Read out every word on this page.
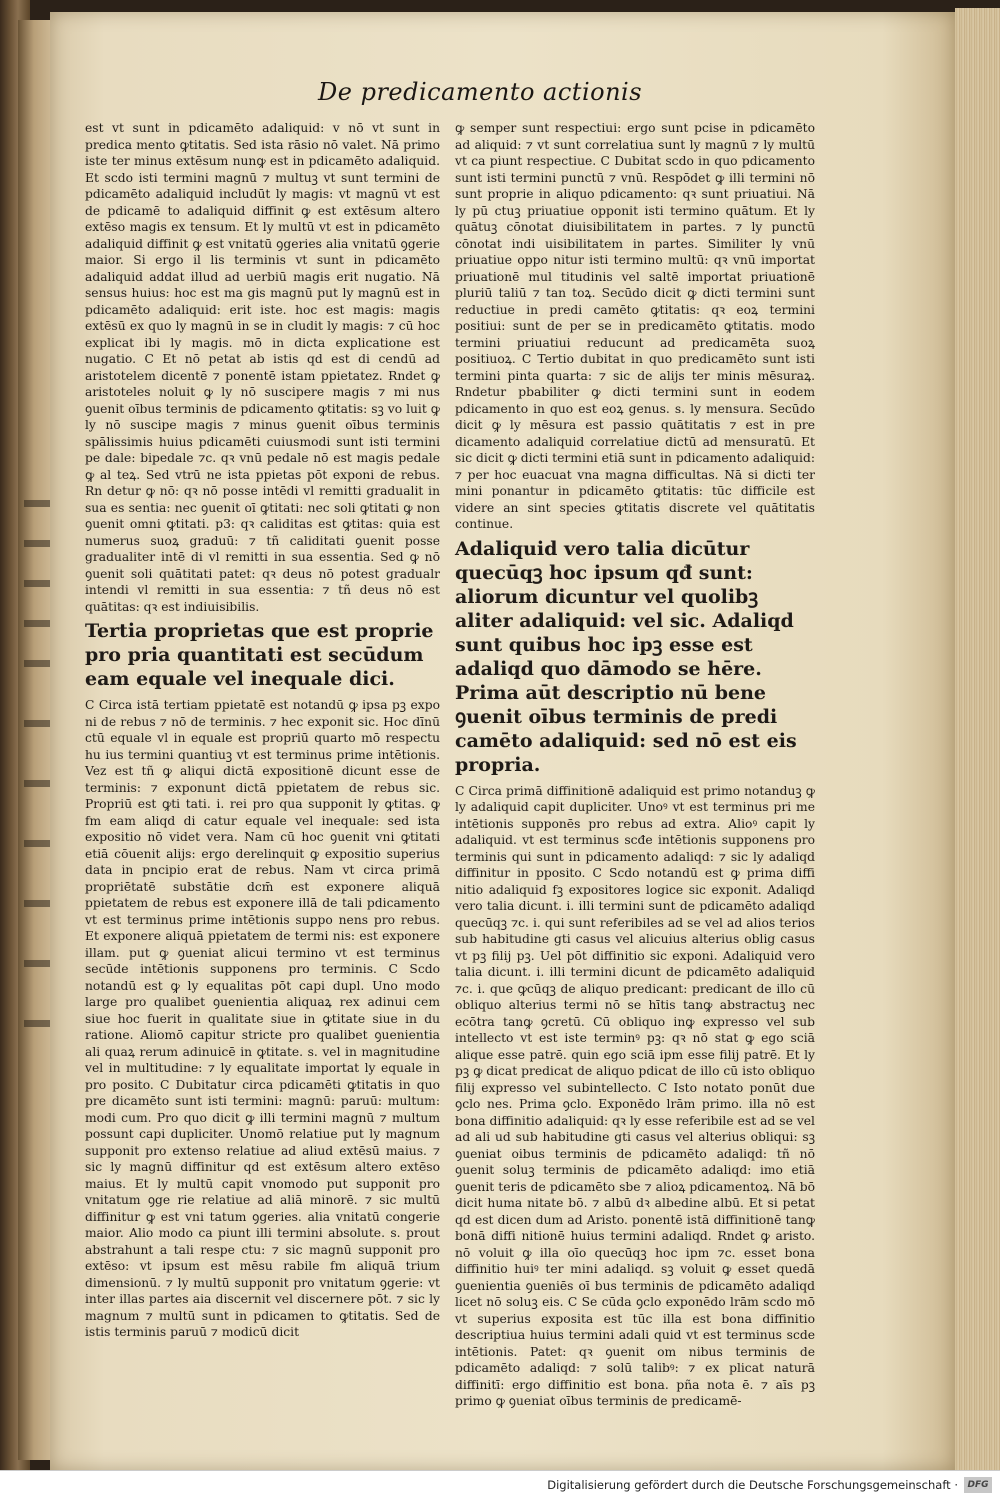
De predicamento actionis

est vt sunt in pdicamēto adaliquid: v nō vt sunt in predica mento ꝙtitatis. Sed ista rāsio nō valet. Nā primo iste ter minus extēsum nunꝙ est in pdicamēto adaliquid. Et scdo isti termini magnū ⁊ multuꝫ vt sunt termini de pdicamēto adaliquid includūt ly magis: vt magnū vt est de pdicamē to adaliquid diffinit ꝙ est extēsum altero extēso magis ex tensum. Et ly multū vt est in pdicamēto adaliquid diffinit ꝙ est vnitatū ꝯgeries alia vnitatū ꝯgerie maior. Si ergo il lis terminis vt sunt in pdicamēto adaliquid addat illud ad uerbiū magis erit nugatio. Nā sensus huius: hoc est ma gis magnū put ly magnū est in pdicamēto adaliquid: erit iste. hoc est magis: magis extēsū ex quo ly magnū in se in cludit ly magis: ⁊ cū hoc explicat ibi ly magis. mō in dicta explicatione est nugatio. C Et nō petat ab istis qd est di cendū ad aristotelem dicentē ⁊ ponentē istam ppietatez. Rndet ꝙ aristoteles noluit ꝙ ly nō suscipere magis ⁊ mi nus ꝯuenit oībus terminis de pdicamento ꝙtitatis: sꝫ vo luit ꝙ ly nō suscipe magis ⁊ minus ꝯuenit oībus terminis spālissimis huius pdicamēti cuiusmodi sunt isti termini pe dale: bipedale ⁊c. qꝛ vnū pedale nō est magis pedale ꝙ al teꝝ. Sed vtrū ne ista ppietas pōt exponi de rebus. Rn detur ꝙ nō: qꝛ nō posse intēdi vl remitti gradualit in sua es sentia: nec ꝯuenit oī ꝙtitati: nec soli ꝙtitati ꝙ non ꝯuenit omni ꝙtitati. p3: qꝛ caliditas est ꝙtitas: quia est numerus suoꝝ graduū: ⁊ tñ caliditati ꝯuenit posse gradualiter intē di vl remitti in sua essentia. Sed ꝙ nō ꝯuenit soli quātitati patet: qꝛ deus nō potest gradualr intendi vl remitti in sua essentia: ⁊ tñ deus nō est quātitas: qꝛ est indiuisibilis.

Tertia proprietas que est proprie pro pria quantitati est secūdum eam equale vel inequale dici.

C Circa istā tertiam ppietatē est notandū ꝙ ipsa pꝫ expo ni de rebus ⁊ nō de terminis. ⁊ hec exponit sic. Hoc dīnū ctū equale vl in equale est propriū quarto mō respectu hu ius termini quantiuꝫ vt est terminus prime intētionis. Vez est tñ ꝙ aliqui dictā expositionē dicunt esse de terminis: ⁊ exponunt dictā ppietatem de rebus sic. Propriū est ꝙti tati. i. rei pro qua supponit ly ꝙtitas. ꝙ fm eam aliqd di catur equale vel inequale: sed ista expositio nō videt vera. Nam cū hoc ꝯuenit vni ꝙtitati etiā cōuenit alijs: ergo derelinquit ꝙ expositio superius data in pncipio erat de rebus. Nam vt circa primā propriētatē substātie dcm̄ est exponere aliquā ppietatem de rebus est exponere illā de tali pdicamento vt est terminus prime intētionis suppo nens pro rebus. Et exponere aliquā ppietatem de termi nis: est exponere illam. put ꝙ ꝯueniat alicui termino vt est terminus secūde intētionis supponens pro terminis. C Scdo notandū est ꝙ ly equalitas pōt capi dupl. Uno modo large pro qualibet ꝯuenientia aliquaꝝ rex adinui cem siue hoc fuerit in qualitate siue in ꝙtitate siue in du ratione. Aliomō capitur stricte pro qualibet ꝯuenientia ali quaꝝ rerum adinuicē in ꝙtitate. s. vel in magnitudine vel in multitudine: ⁊ ly equalitate importat ly equale in pro posito. C Dubitatur circa pdicamēti ꝙtitatis in quo pre dicamēto sunt isti termini: magnū: paruū: multum: modi cum. Pro quo dicit ꝙ illi termini magnū ⁊ multum possunt capi dupliciter. Unomō relatiue put ly magnum supponit pro extenso relatiue ad aliud extēsū maius. ⁊ sic ly magnū diffinitur qd est extēsum altero extēso maius. Et ly multū capit vnomodo put supponit pro vnitatum ꝯge rie relatiue ad aliā minorē. ⁊ sic multū diffinitur ꝙ est vni tatum ꝯgeries. alia vnitatū congerie maior. Alio modo ca piunt illi termini absolute. s. prout abstrahunt a tali respe ctu: ⁊ sic magnū supponit pro extēso: vt ipsum est mēsu rabile fm aliquā trium dimensionū. ⁊ ly multū supponit pro vnitatum ꝯgerie: vt inter illas partes aia discernit vel discernere pōt. ⁊ sic ly magnum ⁊ multū sunt in pdicamen to ꝙtitatis. Sed de istis terminis paruū ⁊ modicū dicit

ꝙ semper sunt respectiui: ergo sunt pcise in pdicamēto ad aliquid: ⁊ vt sunt correlatiua sunt ly magnū ⁊ ly multū vt ca piunt respectiue. C Dubitat scdo in quo pdicamento sunt isti termini punctū ⁊ vnū. Respōdet ꝙ illi termini nō sunt proprie in aliquo pdicamento: qꝛ sunt priuatiui. Nā ly pū ctuꝫ priuatiue opponit isti termino quātum. Et ly quātuꝫ cōnotat diuisibilitatem in partes. ⁊ ly punctū cōnotat indi uisibilitatem in partes. Similiter ly vnū priuatiue oppo nitur isti termino multū: qꝛ vnū importat priuationē mul titudinis vel saltē importat priuationē pluriū taliū ⁊ tan toꝝ. Secūdo dicit ꝙ dicti termini sunt reductiue in predi camēto ꝙtitatis: qꝛ eoꝝ termini positiui: sunt de per se in predicamēto ꝙtitatis. modo termini priuatiui reducunt ad predicamēta suoꝝ positiuoꝝ. C Tertio dubitat in quo predicamēto sunt isti termini pinta quarta: ⁊ sic de alijs ter minis mēsuraꝝ. Rndetur pbabiliter ꝙ dicti termini sunt in eodem pdicamento in quo est eoꝝ genus. s. ly mensura. Secūdo dicit ꝙ ly mēsura est passio quātitatis ⁊ est in pre dicamento adaliquid correlatiue dictū ad mensuratū. Et sic dicit ꝙ dicti termini etiā sunt in pdicamento adaliquid: ⁊ per hoc euacuat vna magna difficultas. Nā si dicti ter mini ponantur in pdicamēto ꝙtitatis: tūc difficile est videre an sint species ꝙtitatis discrete vel quātitatis continue.

Adaliquid vero talia dicūtur quecūqꝫ hoc ipsum qđ sunt: aliorum dicuntur vel quolibꝫ aliter adaliquid: vel sic. Adaliqd sunt quibus hoc ipꝫ esse est adaliqd quo dāmodo se hēre. Prima aūt descriptio nū bene ꝯuenit oībus terminis de predi camēto adaliquid: sed nō est eis propria.

C Circa primā diffinitionē adaliquid est primo notanduꝫ ꝙ ly adaliquid capit dupliciter. Unoꝰ vt est terminus pri me intētionis supponēs pro rebus ad extra. Alioꝰ capit ly adaliquid. vt est terminus scđe intētionis supponens pro terminis qui sunt in pdicamento adaliqd: ⁊ sic ly adaliqd diffinitur in pposito. C Scdo notandū est ꝙ prima diffi nitio adaliquid fꝫ expositores logice sic exponit. Adaliqd vero talia dicunt. i. illi termini sunt de pdicamēto adaliqd quecūqꝫ ⁊c. i. qui sunt referibiles ad se vel ad alios terios sub habitudine gti casus vel alicuius alterius oblig casus vt pꝫ filij pꝫ. Uel pōt diffinitio sic exponi. Adaliquid vero talia dicunt. i. illi termini dicunt de pdicamēto adaliquid ⁊c. i. que ꝙcūqꝫ de aliquo predicant: predicant de illo cū obliquo alterius termi nō se hītis tanꝙ abstractuꝫ nec ecōtra tanꝙ ꝯcretū. Cū obliquo inꝙ expresso vel sub intellecto vt est iste terminꝰ pꝫ: qꝛ nō stat ꝙ ego sciā alique esse patrē. quin ego sciā ipm esse filij patrē. Et ly pꝫ ꝙ dicat predicat de aliquo pdicat de illo cū isto obliquo filij expresso vel subintellecto. C Isto notato ponūt due ꝯclo nes. Prima ꝯclo. Exponēdo lrām primo. illa nō est bona diffinitio adaliquid: qꝛ ly esse referibile est ad se vel ad ali ud sub habitudine gti casus vel alterius obliqui: sꝫ ꝯueniat oibus terminis de pdicamēto adaliqd: tñ nō ꝯuenit soluꝫ terminis de pdicamēto adaliqd: imo etiā ꝯuenit teris de pdicamēto sbe ⁊ alioꝝ pdicamentoꝝ. Nā bō dicit huma nitate bō. ⁊ albū dꝛ albedine albū. Et si petat qd est dicen dum ad Aristo. ponentē istā diffinitionē tanꝙ bonā diffi nitionē huius termini adaliqd. Rndet ꝙ aristo. nō voluit ꝙ illa oīo quecūqꝫ hoc ipm ⁊c. esset bona diffinitio huiꝰ ter mini adaliqd. sꝫ voluit ꝙ esset quedā ꝯuenientia ꝯueniēs oī bus terminis de pdicamēto adaliqd licet nō soluꝫ eis. C Se cūda ꝯclo exponēdo lrām scdo mō vt superius exposita est tūc illa est bona diffinitio descriptiua huius termini adali quid vt est terminus scde intētionis. Patet: qꝛ ꝯuenit om nibus terminis de pdicamēto adaliqd: ⁊ solū talibꝰ: ⁊ ex plicat naturā diffinitī: ergo diffinitio est bona. pña nota ē. ⁊ aīs pꝫ primo ꝙ ꝯueniat oībus terminis de predicamē-

Digitalisierung gefördert durch die Deutsche Forschungsgemeinschaft ·	DFG
